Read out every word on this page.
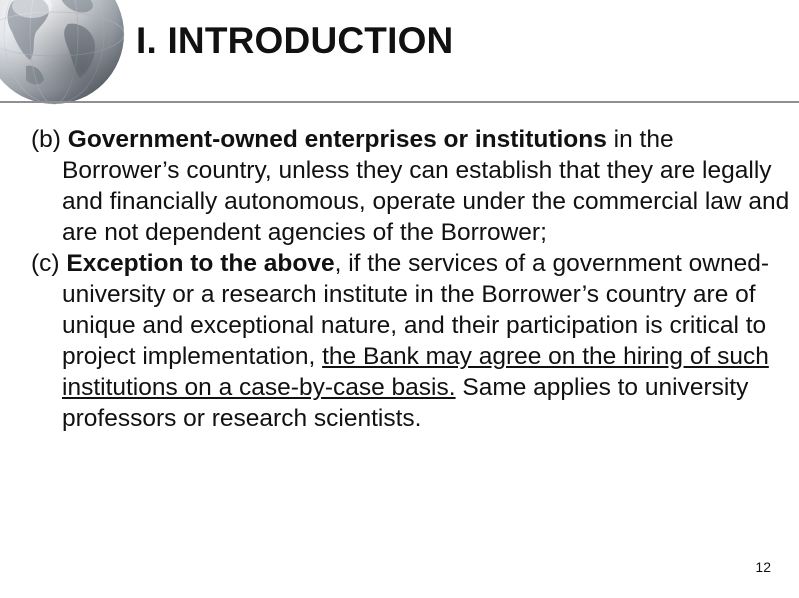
I. INTRODUCTION

(b) Government-owned enterprises or institutions in the Borrower’s country, unless they can establish that they are legally and financially autonomous, operate under the commercial law and are not dependent agencies of the Borrower;

(c) Exception to the above, if the services of a government owned-university or a research institute in the Borrower’s country are of unique and exceptional nature, and their participation is critical to project implementation, the Bank may agree on the hiring of such institutions on a case-by-case basis. Same applies to university professors or research scientists.

12
